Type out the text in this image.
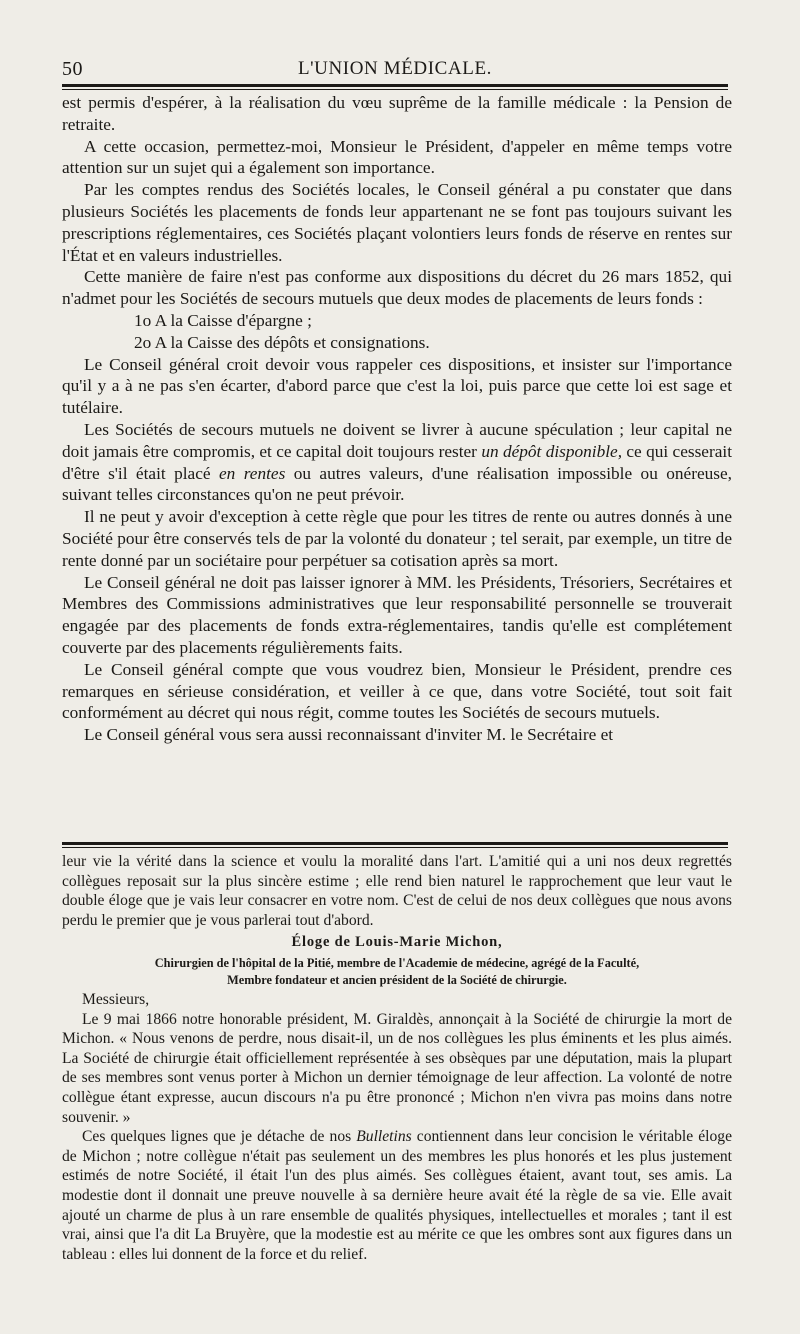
50	L'UNION MÉDICALE.

est permis d'espérer, à la réalisation du vœu suprême de la famille médicale : la Pension de retraite.

A cette occasion, permettez-moi, Monsieur le Président, d'appeler en même temps votre attention sur un sujet qui a également son importance.

Par les comptes rendus des Sociétés locales, le Conseil général a pu constater que dans plusieurs Sociétés les placements de fonds leur appartenant ne se font pas toujours suivant les prescriptions réglementaires, ces Sociétés plaçant volontiers leurs fonds de réserve en rentes sur l'État et en valeurs industrielles.

Cette manière de faire n'est pas conforme aux dispositions du décret du 26 mars 1852, qui n'admet pour les Sociétés de secours mutuels que deux modes de placements de leurs fonds :

1o A la Caisse d'épargne ;

2o A la Caisse des dépôts et consignations.

Le Conseil général croit devoir vous rappeler ces dispositions, et insister sur l'importance qu'il y a à ne pas s'en écarter, d'abord parce que c'est la loi, puis parce que cette loi est sage et tutélaire.

Les Sociétés de secours mutuels ne doivent se livrer à aucune spéculation ; leur capital ne doit jamais être compromis, et ce capital doit toujours rester un dépôt disponible, ce qui cesserait d'être s'il était placé en rentes ou autres valeurs, d'une réalisation impossible ou onéreuse, suivant telles circonstances qu'on ne peut prévoir.

Il ne peut y avoir d'exception à cette règle que pour les titres de rente ou autres donnés à une Société pour être conservés tels de par la volonté du donateur ; tel serait, par exemple, un titre de rente donné par un sociétaire pour perpétuer sa cotisation après sa mort.

Le Conseil général ne doit pas laisser ignorer à MM. les Présidents, Trésoriers, Secrétaires et Membres des Commissions administratives que leur responsabilité personnelle se trouverait engagée par des placements de fonds extra-réglementaires, tandis qu'elle est complétement couverte par des placements régulièrements faits.

Le Conseil général compte que vous voudrez bien, Monsieur le Président, prendre ces remarques en sérieuse considération, et veiller à ce que, dans votre Société, tout soit fait conformément au décret qui nous régit, comme toutes les Sociétés de secours mutuels.

Le Conseil général vous sera aussi reconnaissant d'inviter M. le Secrétaire et

leur vie la vérité dans la science et voulu la moralité dans l'art. L'amitié qui a uni nos deux regrettés collègues reposait sur la plus sincère estime ; elle rend bien naturel le rapprochement que leur vaut le double éloge que je vais leur consacrer en votre nom. C'est de celui de nos deux collègues que nous avons perdu le premier que je vous parlerai tout d'abord.

Éloge de Louis-Marie Michon,
Chirurgien de l'hôpital de la Pitié, membre de l'Academie de médecine, agrégé de la Faculté,
Membre fondateur et ancien président de la Société de chirurgie.

Messieurs,

Le 9 mai 1866 notre honorable président, M. Giraldès, annonçait à la Société de chirurgie la mort de Michon. « Nous venons de perdre, nous disait-il, un de nos collègues les plus éminents et les plus aimés. La Société de chirurgie était officiellement représentée à ses obsèques par une députation, mais la plupart de ses membres sont venus porter à Michon un dernier témoignage de leur affection. La volonté de notre collègue étant expresse, aucun discours n'a pu être prononcé ; Michon n'en vivra pas moins dans notre souvenir. »

Ces quelques lignes que je détache de nos Bulletins contiennent dans leur concision le véritable éloge de Michon ; notre collègue n'était pas seulement un des membres les plus honorés et les plus justement estimés de notre Société, il était l'un des plus aimés. Ses collègues étaient, avant tout, ses amis. La modestie dont il donnait une preuve nouvelle à sa dernière heure avait été la règle de sa vie. Elle avait ajouté un charme de plus à un rare ensemble de qualités physiques, intellectuelles et morales ; tant il est vrai, ainsi que l'a dit La Bruyère, que la modestie est au mérite ce que les ombres sont aux figures dans un tableau : elles lui donnent de la force et du relief.
